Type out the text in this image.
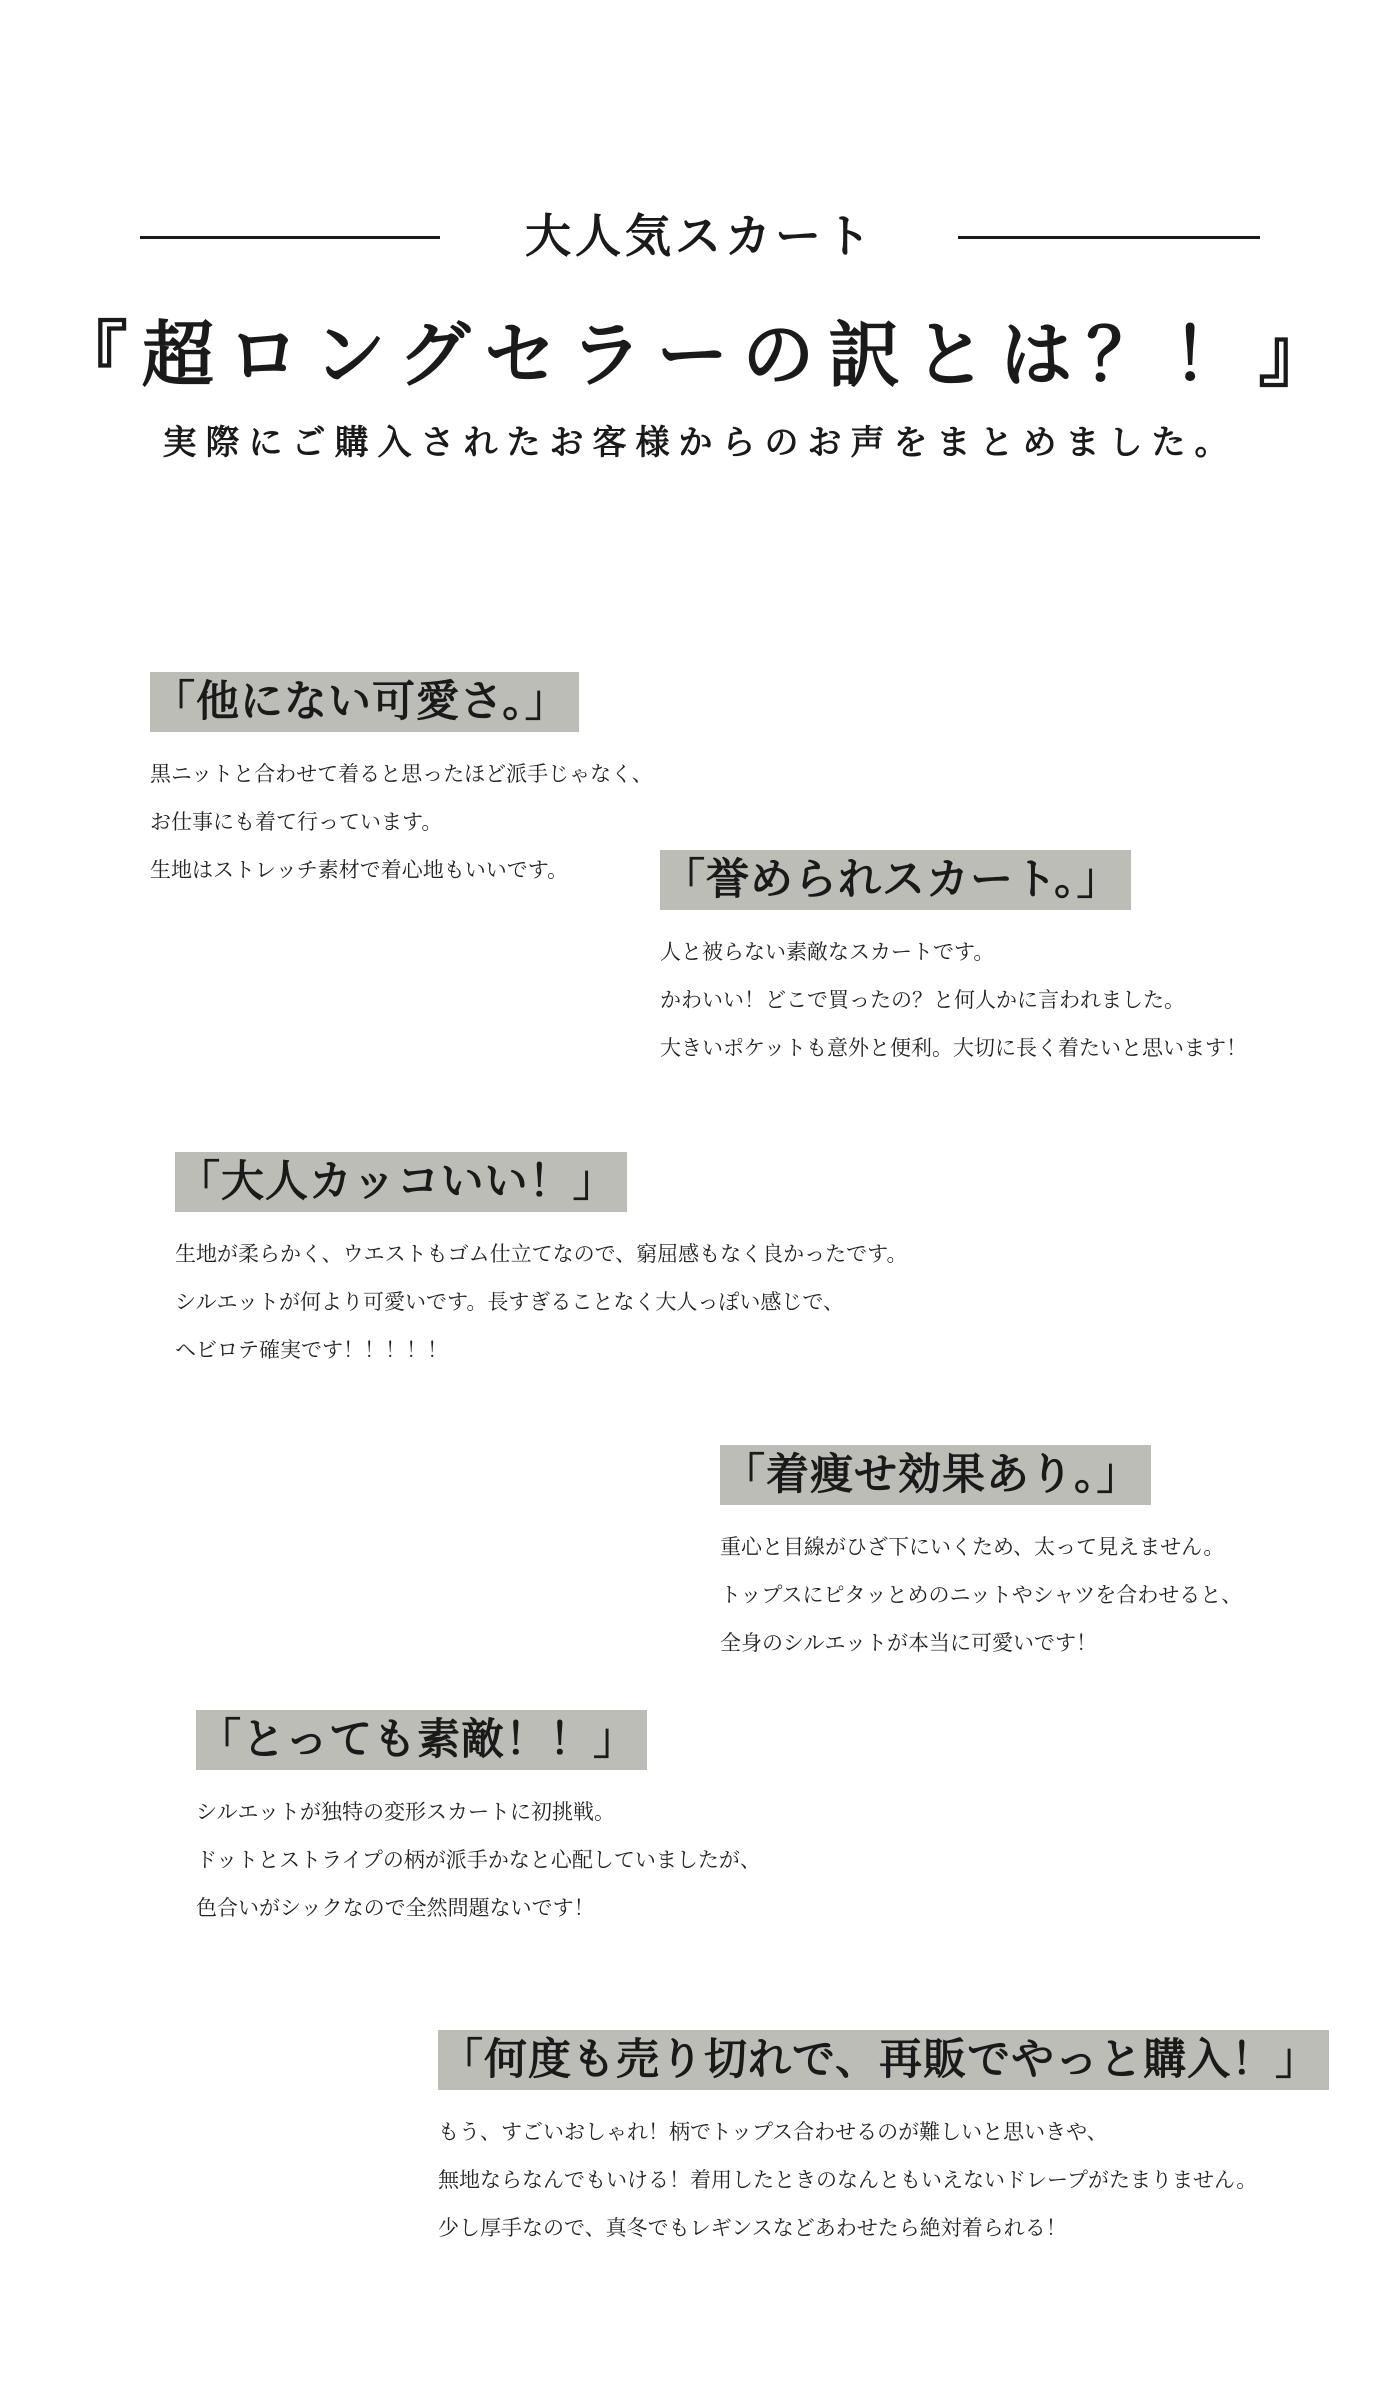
大人気スカート
『超ロングセラーの訳とは？！』
実際にご購入されたお客様からのお声をまとめました。
「他にない可愛さ。」
黒ニットと合わせて着ると思ったほど派手じゃなく、
お仕事にも着て行っています。
生地はストレッチ素材で着心地もいいです。	「誉められスカート。」
人と被らない素敵なスカートです。
かわいい！どこで買ったの？と何人かに言われました。
大きいポケットも意外と便利。大切に長く着たいと思います！
「大人カッコいい！」
生地が柔らかく、ウエストもゴム仕立てなので、窮屈感もなく良かったです。
シルエットが何より可愛いです。長すぎることなく大人っぽい感じで、
ヘビロテ確実です！！！！！
「着痩せ効果あり。」
重心と目線がひざ下にいくため、太って見えません。
トップスにピタッとめのニットやシャツを合わせると、
全身のシルエットが本当に可愛いです！
「とっても素敵！！」
シルエットが独特の変形スカートに初挑戦。
ドットとストライプの柄が派手かなと心配していましたが、
色合いがシックなので全然問題ないです！
「何度も売り切れで、再販でやっと購入！」
もう、すごいおしゃれ！柄でトップス合わせるのが難しいと思いきや、
無地ならなんでもいける！着用したときのなんともいえないドレープがたまりません。
少し厚手なので、真冬でもレギンスなどあわせたら絶対着られる！
